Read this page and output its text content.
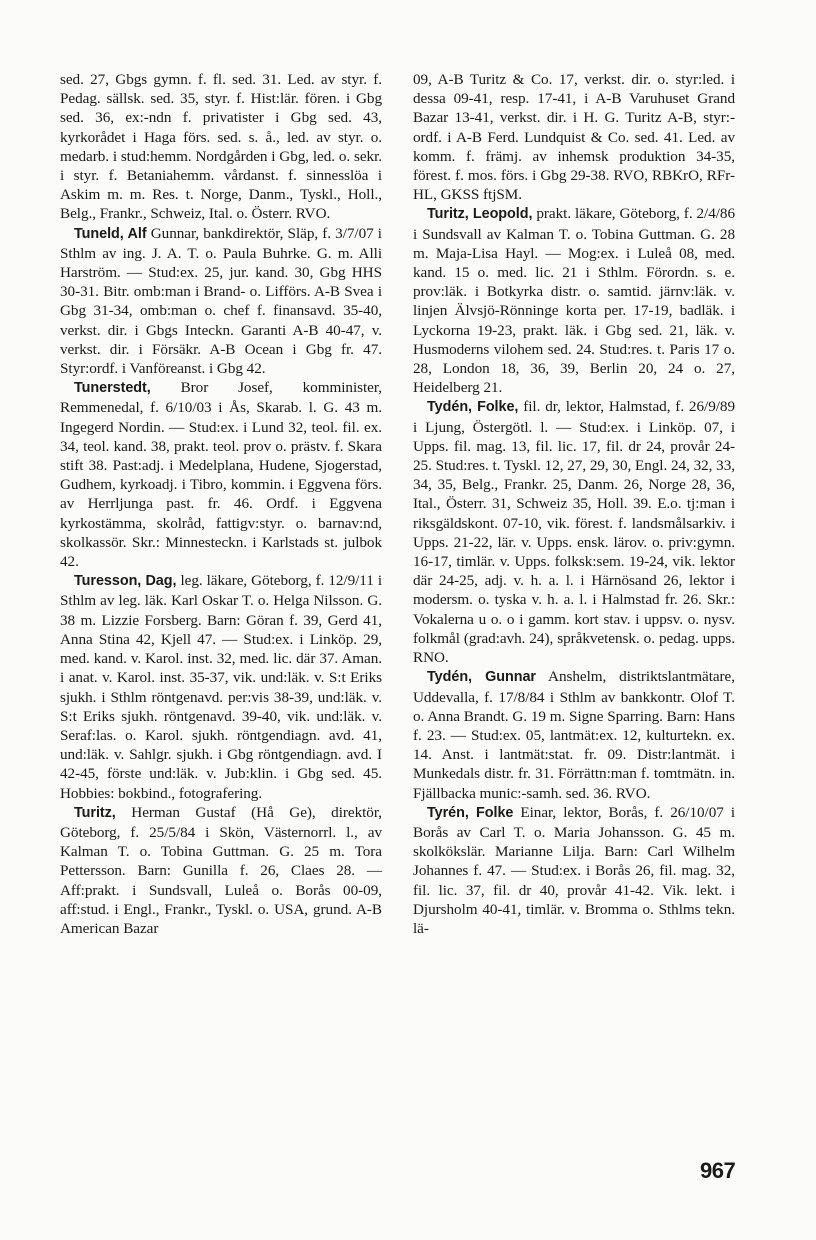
sed. 27, Gbgs gymn. f. fl. sed. 31. Led. av styr. f. Pedag. sällsk. sed. 35, styr. f. Hist:lär. fören. i Gbg sed. 36, ex:-ndn f. privatister i Gbg sed. 43, kyrkorådet i Haga förs. sed. s. å., led. av styr. o. medarb. i stud:hemm. Nordgården i Gbg, led. o. sekr. i styr. f. Betaniahemm. vårdanst. f. sinnesslöa i Askim m. m. Res. t. Norge, Danm., Tyskl., Holl., Belg., Frankr., Schweiz, Ital. o. Österr. RVO.

Tuneld, Alf Gunnar, bankdirektör, Släp, f. 3/7/07 i Sthlm av ing. J. A. T. o. Paula Buhrke. G. m. Alli Harström. — Stud:ex. 25, jur. kand. 30, Gbg HHS 30-31. Bitr. omb:man i Brand- o. Lifförs. A-B Svea i Gbg 31-34, omb:man o. chef f. finansavd. 35-40, verkst. dir. i Gbgs Inteckn. Garanti A-B 40-47, v. verkst. dir. i Försäkr. A-B Ocean i Gbg fr. 47. Styr:ordf. i Vanföreanst. i Gbg 42.

Tunerstedt, Bror Josef, komminister, Remmenedal, f. 6/10/03 i Ås, Skarab. l. G. 43 m. Ingegerd Nordin. — Stud:ex. i Lund 32, teol. fil. ex. 34, teol. kand. 38, prakt. teol. prov o. prästv. f. Skara stift 38. Past:adj. i Medelplana, Hudene, Sjogerstad, Gudhem, kyrkoadj. i Tibro, kommin. i Eggvena förs. av Herrljunga past. fr. 46. Ordf. i Eggvena kyrkostämma, skolråd, fattigv:styr. o. barnav:nd, skolkassör. Skr.: Minnesteckn. i Karlstads st. julbok 42.

Turesson, Dag, leg. läkare, Göteborg, f. 12/9/11 i Sthlm av leg. läk. Karl Oskar T. o. Helga Nilsson. G. 38 m. Lizzie Forsberg. Barn: Göran f. 39, Gerd 41, Anna Stina 42, Kjell 47. — Stud:ex. i Linköp. 29, med. kand. v. Karol. inst. 32, med. lic. där 37. Aman. i anat. v. Karol. inst. 35-37, vik. und:läk. v. S:t Eriks sjukh. i Sthlm röntgenavd. per:vis 38-39, und:läk. v. S:t Eriks sjukh. röntgenavd. 39-40, vik. und:läk. v. Seraf:las. o. Karol. sjukh. röntgendiagn. avd. 41, und:läk. v. Sahlgr. sjukh. i Gbg röntgendiagn. avd. I 42-45, förste und:läk. v. Jub:klin. i Gbg sed. 45. Hobbies: bokbind., fotografering.

Turitz, Herman Gustaf (Hå Ge), direktör, Göteborg, f. 25/5/84 i Skön, Västernorrl. l., av Kalman T. o. Tobina Guttman. G. 25 m. Tora Pettersson. Barn: Gunilla f. 26, Claes 28. — Aff:prakt. i Sundsvall, Luleå o. Borås 00-09, aff:stud. i Engl., Frankr., Tyskl. o. USA, grund. A-B American Bazar

09, A-B Turitz & Co. 17, verkst. dir. o. styr:led. i dessa 09-41, resp. 17-41, i A-B Varuhuset Grand Bazar 13-41, verkst. dir. i H. G. Turitz A-B, styr:-ordf. i A-B Ferd. Lundquist & Co. sed. 41. Led. av komm. f. främj. av inhemsk produktion 34-35, förest. f. mos. förs. i Gbg 29-38. RVO, RBKrO, RFr-HL, GKSS ftjSM.

Turitz, Leopold, prakt. läkare, Göteborg, f. 2/4/86 i Sundsvall av Kalman T. o. Tobina Guttman. G. 28 m. Maja-Lisa Hayl. — Mog:ex. i Luleå 08, med. kand. 15 o. med. lic. 21 i Sthlm. Förordn. s. e. prov:läk. i Botkyrka distr. o. samtid. järnv:läk. v. linjen Älvsjö-Rönninge korta per. 17-19, badläk. i Lyckorna 19-23, prakt. läk. i Gbg sed. 21, läk. v. Husmoderns vilohem sed. 24. Stud:res. t. Paris 17 o. 28, London 18, 36, 39, Berlin 20, 24 o. 27, Heidelberg 21.

Tydén, Folke, fil. dr, lektor, Halmstad, f. 26/9/89 i Ljung, Östergötl. l. — Stud:ex. i Linköp. 07, i Upps. fil. mag. 13, fil. lic. 17, fil. dr 24, provår 24-25. Stud:res. t. Tyskl. 12, 27, 29, 30, Engl. 24, 32, 33, 34, 35, Belg., Frankr. 25, Danm. 26, Norge 28, 36, Ital., Österr. 31, Schweiz 35, Holl. 39. E.o. tj:man i riksgäldskont. 07-10, vik. förest. f. landsmålsarkiv. i Upps. 21-22, lär. v. Upps. ensk. lärov. o. priv:gymn. 16-17, timlär. v. Upps. folksk:sem. 19-24, vik. lektor där 24-25, adj. v. h. a. l. i Härnösand 26, lektor i modersm. o. tyska v. h. a. l. i Halmstad fr. 26. Skr.: Vokalerna u o. o i gamm. kort stav. i uppsv. o. nysv. folkmål (grad:avh. 24), språkvetensk. o. pedag. upps. RNO.

Tydén, Gunnar Anshelm, distriktslantmätare, Uddevalla, f. 17/8/84 i Sthlm av bankkontr. Olof T. o. Anna Brandt. G. 19 m. Signe Sparring. Barn: Hans f. 23. — Stud:ex. 05, lantmät:ex. 12, kulturtekn. ex. 14. Anst. i lantmät:stat. fr. 09. Distr:lantmät. i Munkedals distr. fr. 31. Förrättn:man f. tomtmätn. in. Fjällbacka munic:-samh. sed. 36. RVO.

Tyrén, Folke Einar, lektor, Borås, f. 26/10/07 i Borås av Carl T. o. Maria Johansson. G. 45 m. skolkökslär. Marianne Lilja. Barn: Carl Wilhelm Johannes f. 47. — Stud:ex. i Borås 26, fil. mag. 32, fil. lic. 37, fil. dr 40, provår 41-42. Vik. lekt. i Djursholm 40-41, timlär. v. Bromma o. Sthlms tekn. lä-

967
